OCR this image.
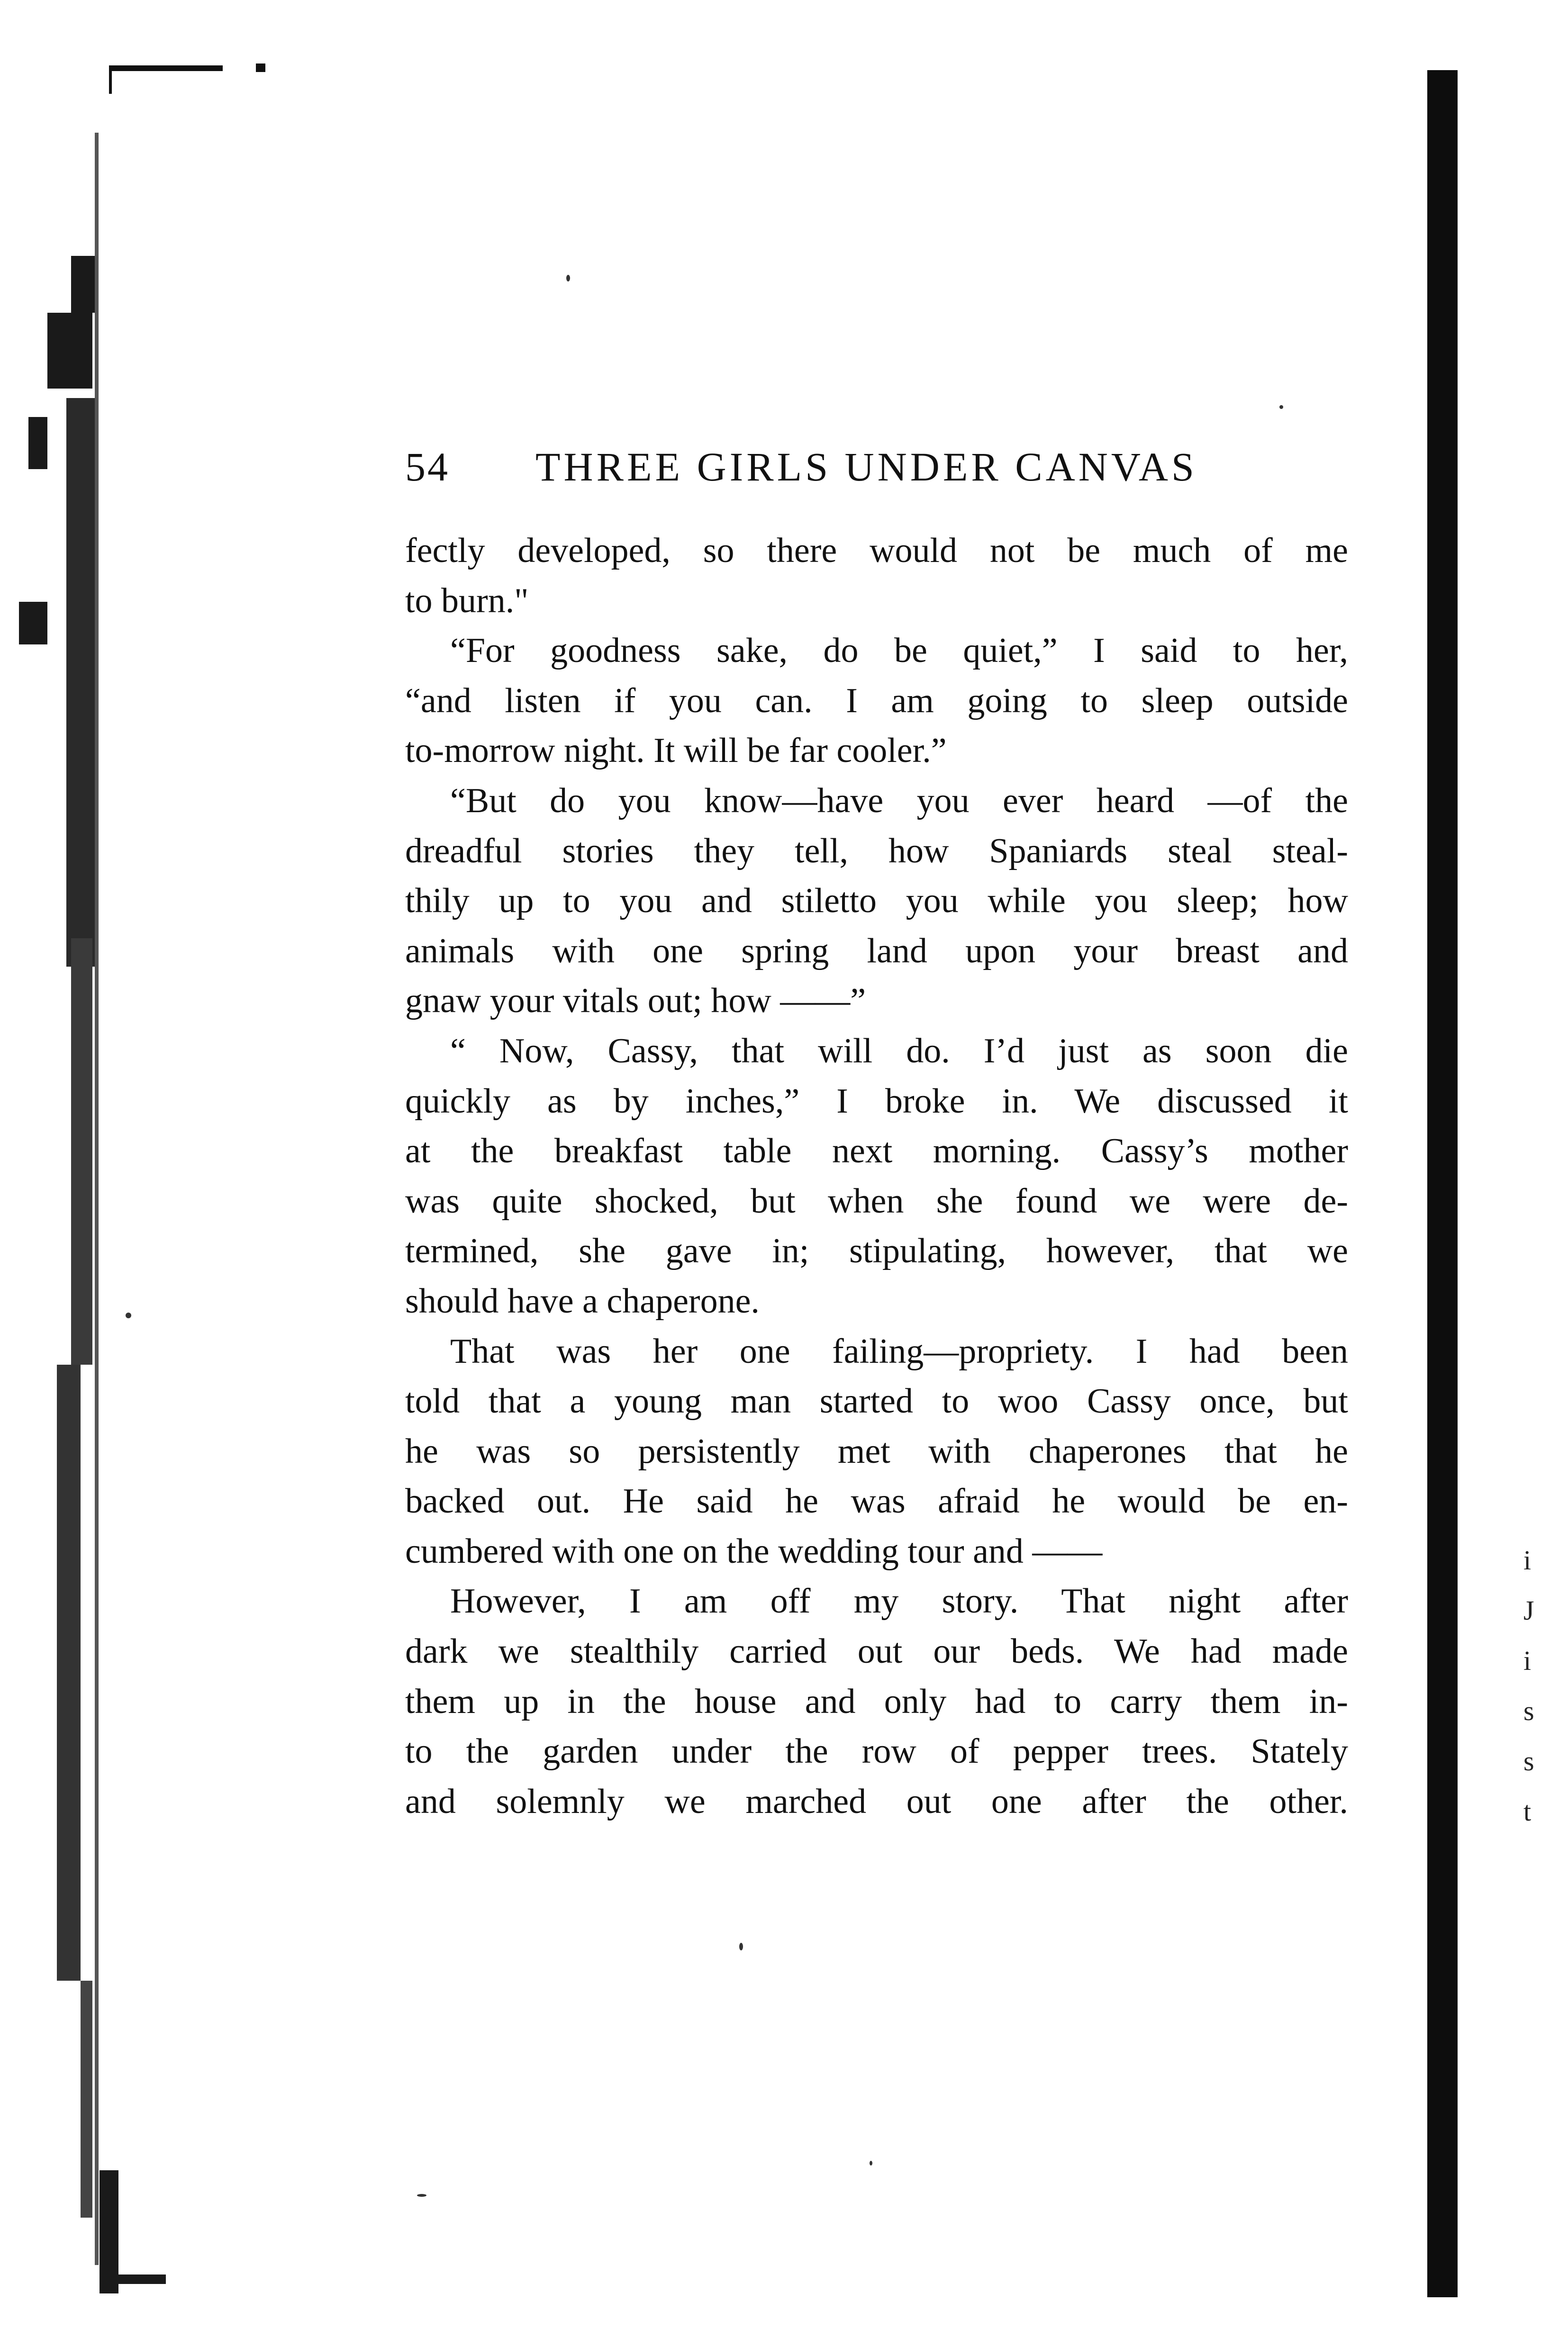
i
J
i
s
s
t
54 THREE GIRLS UNDER CANVAS
fectly developed, so there would not be much of me
to burn."
“For goodness sake, do be quiet,” I said to her,
“and listen if you can. I am going to sleep outside
to-morrow night. It will be far cooler.”
“But do you know—have you ever heard —of the
dreadful stories they tell, how Spaniards steal steal-
thily up to you and stiletto you while you sleep; how
animals with one spring land upon your breast and
gnaw your vitals out; how ——”
“ Now, Cassy, that will do. I’d just as soon die
quickly as by inches,” I broke in. We discussed it
at the breakfast table next morning. Cassy’s mother
was quite shocked, but when she found we were de-
termined, she gave in; stipulating, however, that we
should have a chaperone.
That was her one failing—propriety. I had been
told that a young man started to woo Cassy once, but
he was so persistently met with chaperones that he
backed out. He said he was afraid he would be en-
cumbered with one on the wedding tour and ——
However, I am off my story. That night after
dark we stealthily carried out our beds. We had made
them up in the house and only had to carry them in-
to the garden under the row of pepper trees. Stately
and solemnly we marched out one after the other.
